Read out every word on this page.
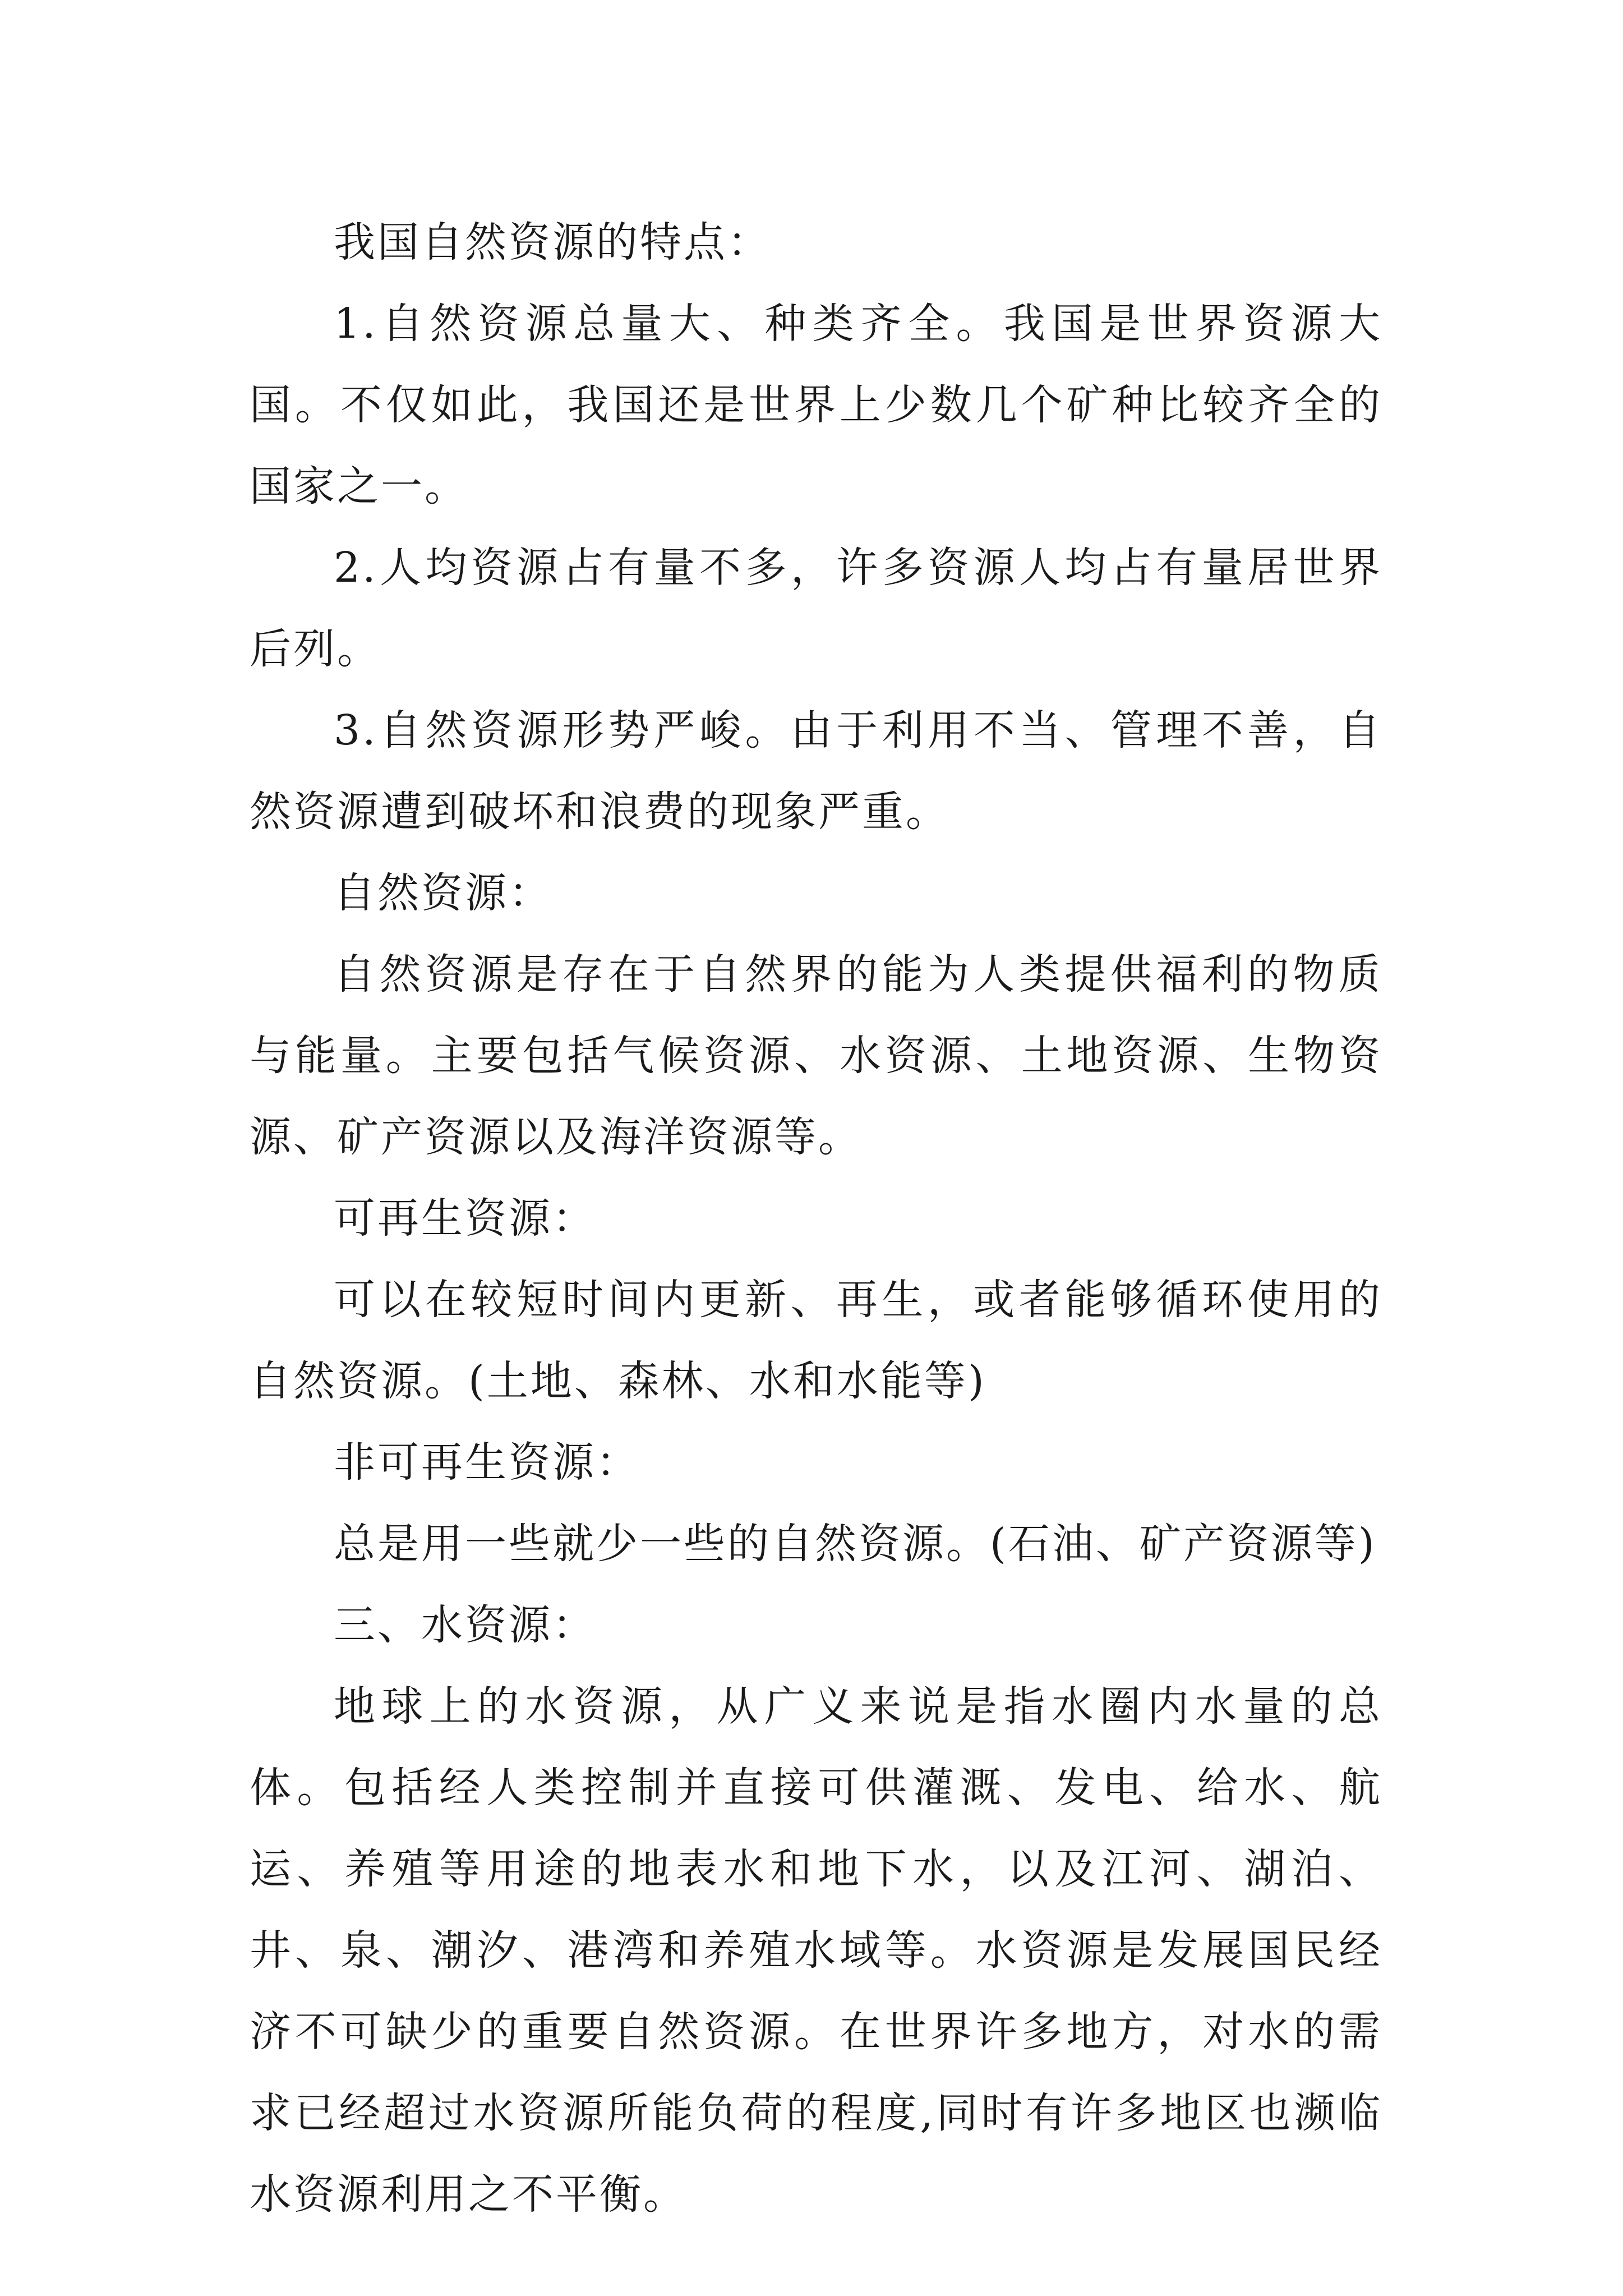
我国自然资源的特点：

1.自然资源总量大、种类齐全。我国是世界资源大国。不仅如此，我国还是世界上少数几个矿种比较齐全的国家之一。

2.人均资源占有量不多，许多资源人均占有量居世界后列。

3.自然资源形势严峻。由于利用不当、管理不善，自然资源遭到破坏和浪费的现象严重。

自然资源：

自然资源是存在于自然界的能为人类提供福利的物质与能量。主要包括气候资源、水资源、土地资源、生物资源、矿产资源以及海洋资源等。

可再生资源：

可以在较短时间内更新、再生，或者能够循环使用的自然资源。(土地、森林、水和水能等)

非可再生资源：

总是用一些就少一些的自然资源。(石油、矿产资源等)

三、水资源：

地球上的水资源，从广义来说是指水圈内水量的总体。包括经人类控制并直接可供灌溉、发电、给水、航运、养殖等用途的地表水和地下水，以及江河、湖泊、井、泉、潮汐、港湾和养殖水域等。水资源是发展国民经济不可缺少的重要自然资源。在世界许多地方，对水的需求已经超过水资源所能负荷的程度,同时有许多地区也濒临水资源利用之不平衡。
